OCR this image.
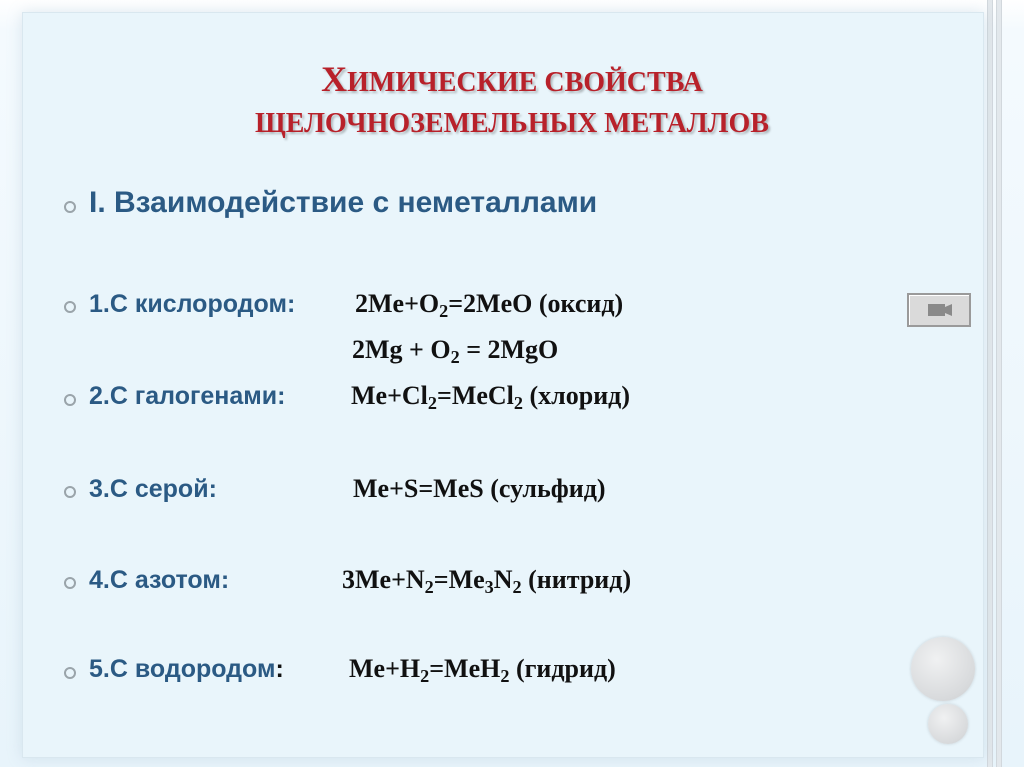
ХИМИЧЕСКИЕ СВОЙСТВА
ЩЕЛОЧНОЗЕМЕЛЬНЫХ МЕТАЛЛОВ
I. Взаимодействие с неметаллами
1.С кислородом: $2Me+O_2=2MeO$ (оксид)
$2Mg + O_2 = 2MgO$
2.С галогенами:	$Me+Cl_2=MeCl_2$ (хлорид)
3.С серой:	Me+S=MeS (сульфид)
4.С азотом:	$3Me+N_2=Me_3N_2$ (нитрид)
5.С водородом:	$Me+H_2=MeH_2$ (гидрид)
